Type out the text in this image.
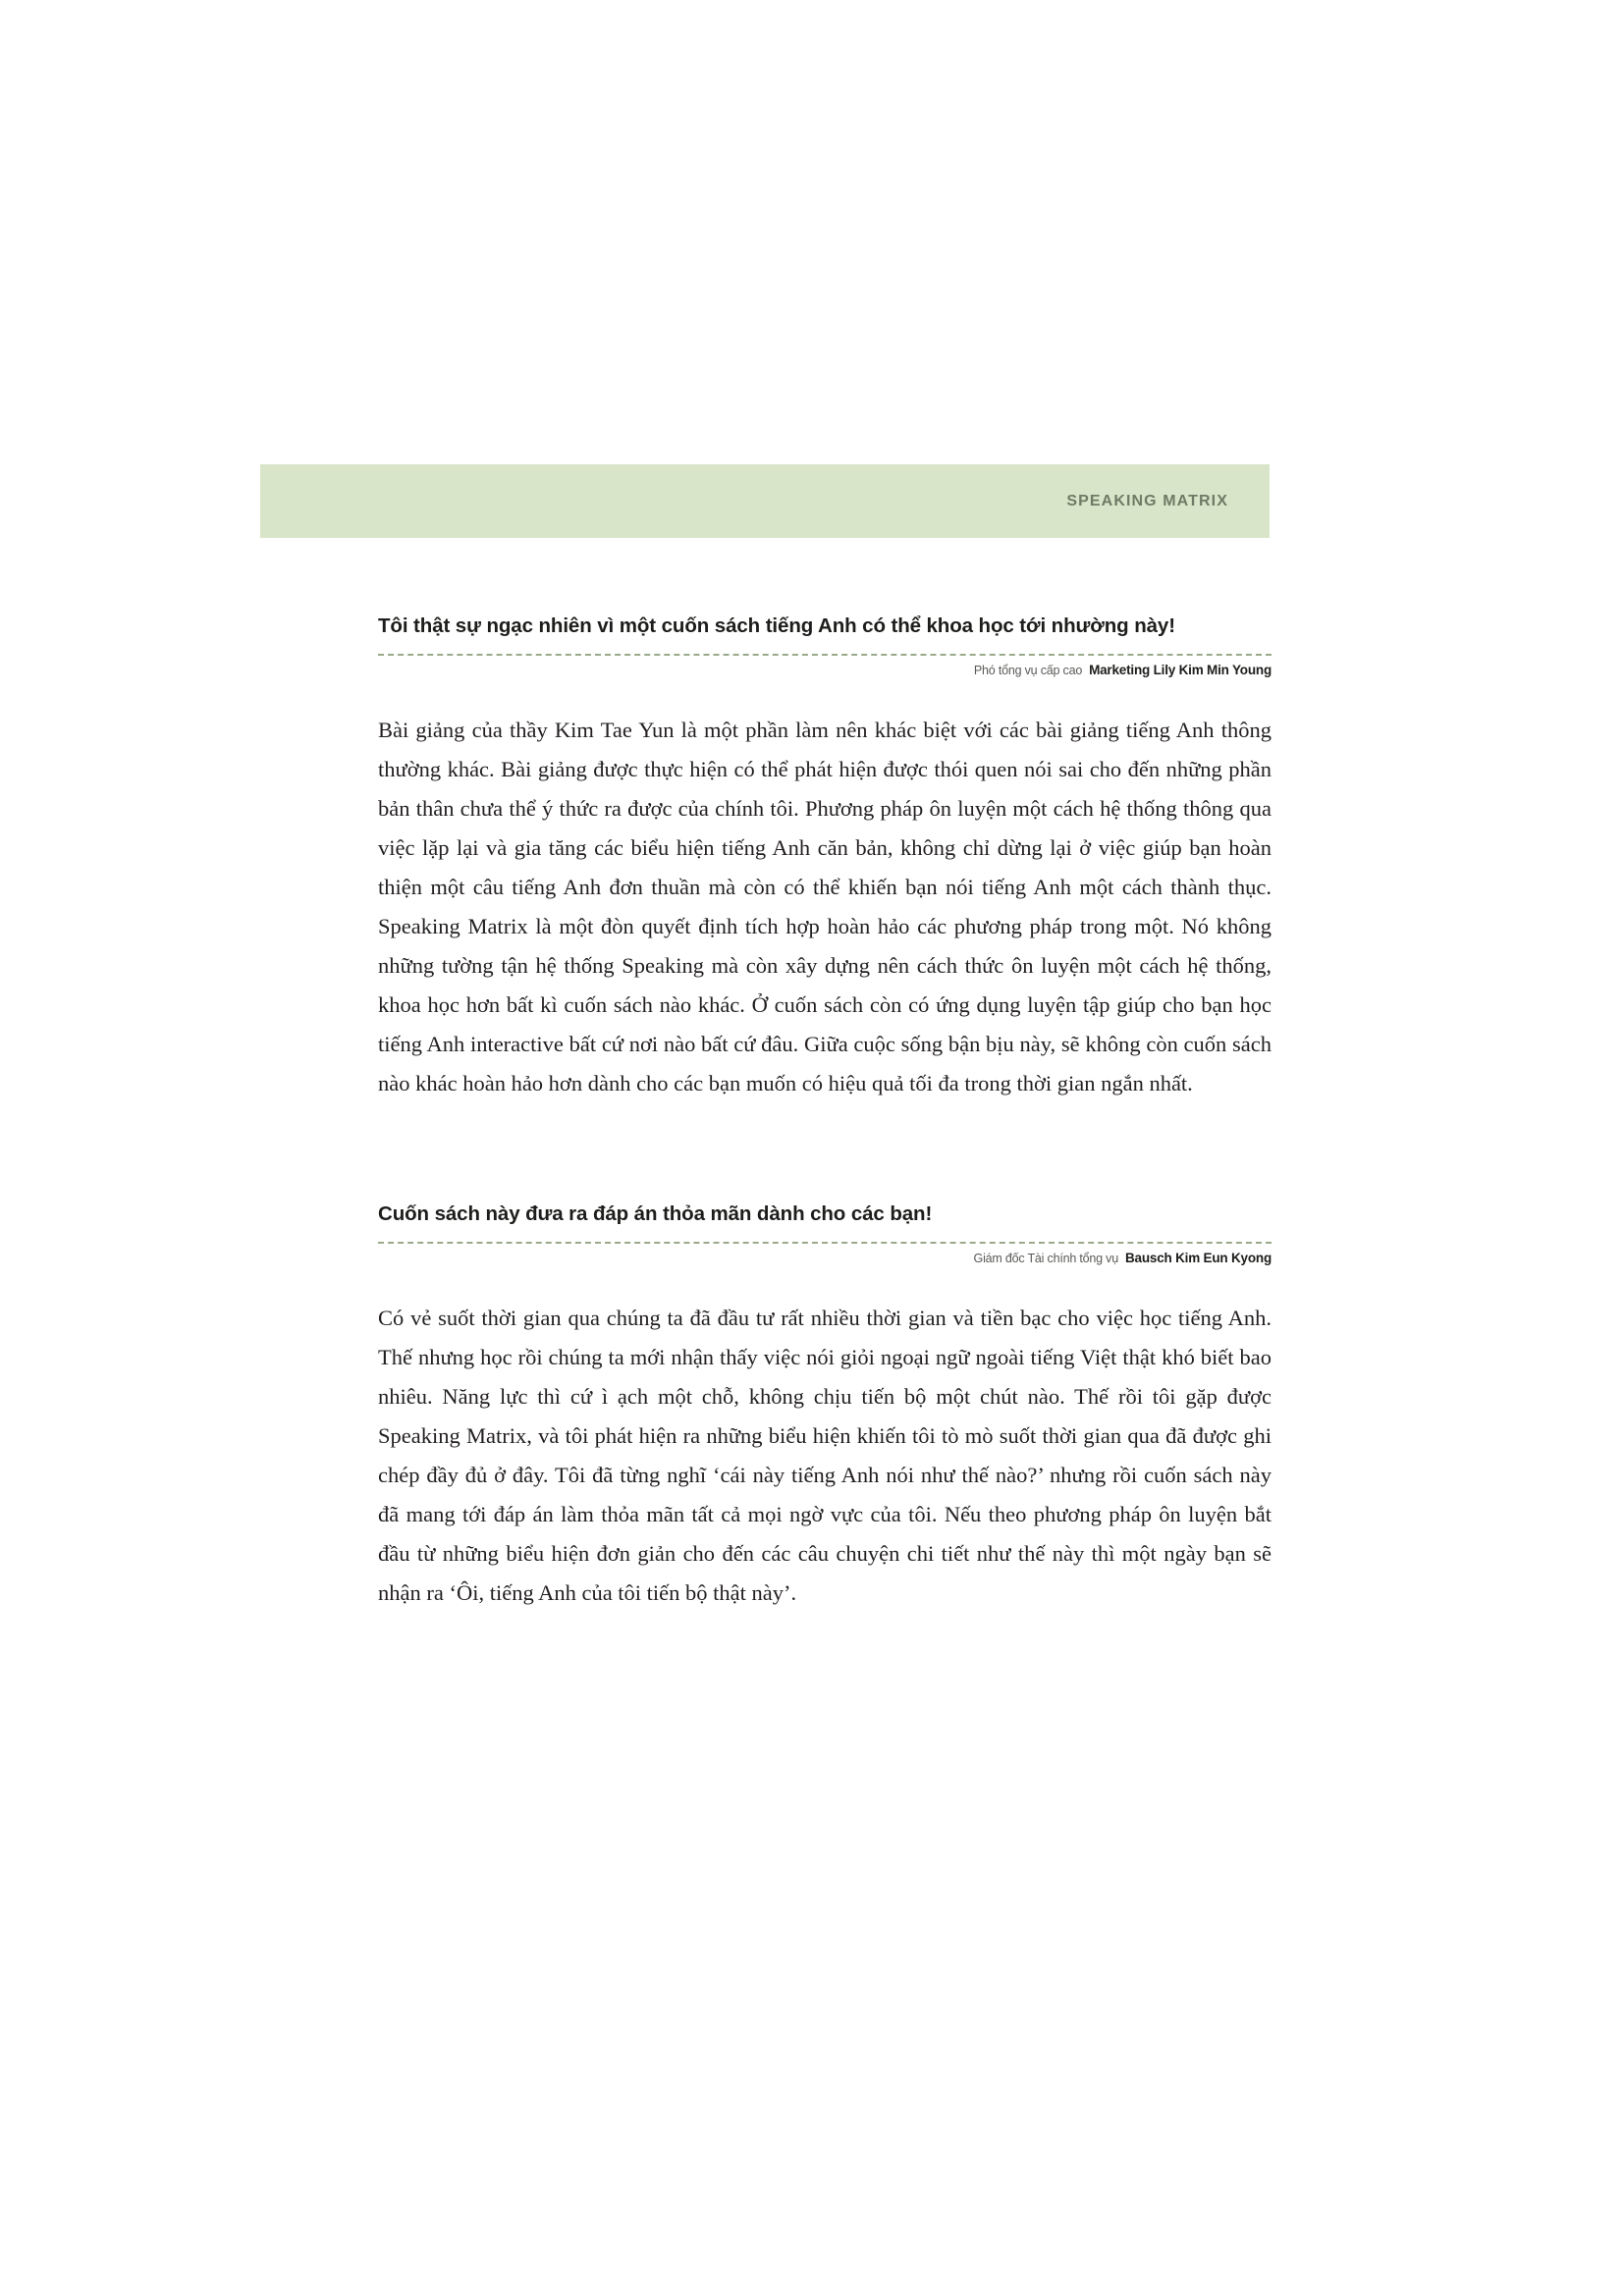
SPEAKING MATRIX
Tôi thật sự ngạc nhiên vì một cuốn sách tiếng Anh có thể khoa học tới nhường này!
Phó tổng vụ cấp cao Marketing Lily Kim Min Young

Bài giảng của thầy Kim Tae Yun là một phần làm nên khác biệt với các bài giảng tiếng Anh thông thường khác. Bài giảng được thực hiện có thể phát hiện được thói quen nói sai cho đến những phần bản thân chưa thể ý thức ra được của chính tôi. Phương pháp ôn luyện một cách hệ thống thông qua việc lặp lại và gia tăng các biểu hiện tiếng Anh căn bản, không chỉ dừng lại ở việc giúp bạn hoàn thiện một câu tiếng Anh đơn thuần mà còn có thể khiến bạn nói tiếng Anh một cách thành thục. Speaking Matrix là một đòn quyết định tích hợp hoàn hảo các phương pháp trong một. Nó không những tường tận hệ thống Speaking mà còn xây dựng nên cách thức ôn luyện một cách hệ thống, khoa học hơn bất kì cuốn sách nào khác. Ở cuốn sách còn có ứng dụng luyện tập giúp cho bạn học tiếng Anh interactive bất cứ nơi nào bất cứ đâu. Giữa cuộc sống bận bịu này, sẽ không còn cuốn sách nào khác hoàn hảo hơn dành cho các bạn muốn có hiệu quả tối đa trong thời gian ngắn nhất.

Cuốn sách này đưa ra đáp án thỏa mãn dành cho các bạn!
Giám đốc Tài chính tổng vụ Bausch Kim Eun Kyong

Có vẻ suốt thời gian qua chúng ta đã đầu tư rất nhiều thời gian và tiền bạc cho việc học tiếng Anh. Thế nhưng học rồi chúng ta mới nhận thấy việc nói giỏi ngoại ngữ ngoài tiếng Việt thật khó biết bao nhiêu. Năng lực thì cứ ì ạch một chỗ, không chịu tiến bộ một chút nào. Thế rồi tôi gặp được Speaking Matrix, và tôi phát hiện ra những biểu hiện khiến tôi tò mò suốt thời gian qua đã được ghi chép đầy đủ ở đây. Tôi đã từng nghĩ ‘cái này tiếng Anh nói như thế nào?’ nhưng rồi cuốn sách này đã mang tới đáp án làm thỏa mãn tất cả mọi ngờ vực của tôi. Nếu theo phương pháp ôn luyện bắt đầu từ những biểu hiện đơn giản cho đến các câu chuyện chi tiết như thế này thì một ngày bạn sẽ nhận ra ‘Ôi, tiếng Anh của tôi tiến bộ thật này’.
